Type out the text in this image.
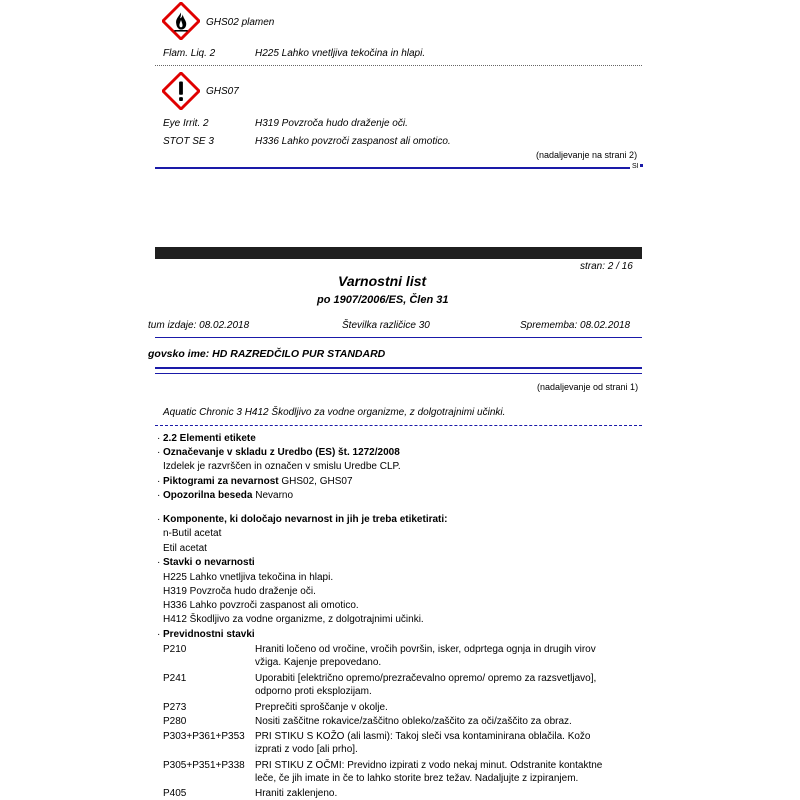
GHS02 plamen
Flam. Liq. 2	H225 Lahko vnetljiva tekočina in hlapi.
GHS07
Eye Irrit. 2	H319 Povzroča hudo draženje oči.
STOT SE 3	H336 Lahko povzroči zaspanost ali omotico.
(nadaljevanje na strani 2)
SI
stran: 2 / 16
Varnostni list
po 1907/2006/ES, Člen 31
tum izdaje: 08.02.2018	Številka različice 30	Sprememba: 08.02.2018
govsko ime: HD RAZREDČILO PUR STANDARD
(nadaljevanje od strani 1)
Aquatic Chronic 3 H412 Škodljivo za vodne organizme, z dolgotrajnimi učinki.
· 2.2 Elementi etikete
· Označevanje v skladu z Uredbo (ES) št. 1272/2008
Izdelek je razvrščen in označen v smislu Uredbe CLP.
· Piktogrami za nevarnost GHS02, GHS07
· Opozorilna beseda Nevarno
· Komponente, ki določajo nevarnost in jih je treba etiketirati:
n-Butil acetat
Etil acetat
· Stavki o nevarnosti
H225 Lahko vnetljiva tekočina in hlapi.
H319 Povzroča hudo draženje oči.
H336 Lahko povzroči zaspanost ali omotico.
H412 Škodljivo za vodne organizme, z dolgotrajnimi učinki.
· Previdnostni stavki
P210	Hraniti ločeno od vročine, vročih površin, isker, odprtega ognja in drugih virov
vžiga. Kajenje prepovedano.
P241	Uporabiti [električno opremo/prezračevalno opremo/ opremo za razsvetljavo],
odporno proti eksplozijam.
P273	Preprečiti sproščanje v okolje.
P280	Nositi zaščitne rokavice/zaščitno obleko/zaščito za oči/zaščito za obraz.
P303+P361+P353 PRI STIKU S KOŽO (ali lasmi): Takoj sleči vsa kontaminirana oblačila. Kožo
izprati z vodo [ali prho].
P305+P351+P338 PRI STIKU Z OČMI: Previdno izpirati z vodo nekaj minut. Odstranite kontaktne
leče, če jih imate in če to lahko storite brez težav. Nadaljujte z izpiranjem.
P405	Hraniti zaklenjeno.
